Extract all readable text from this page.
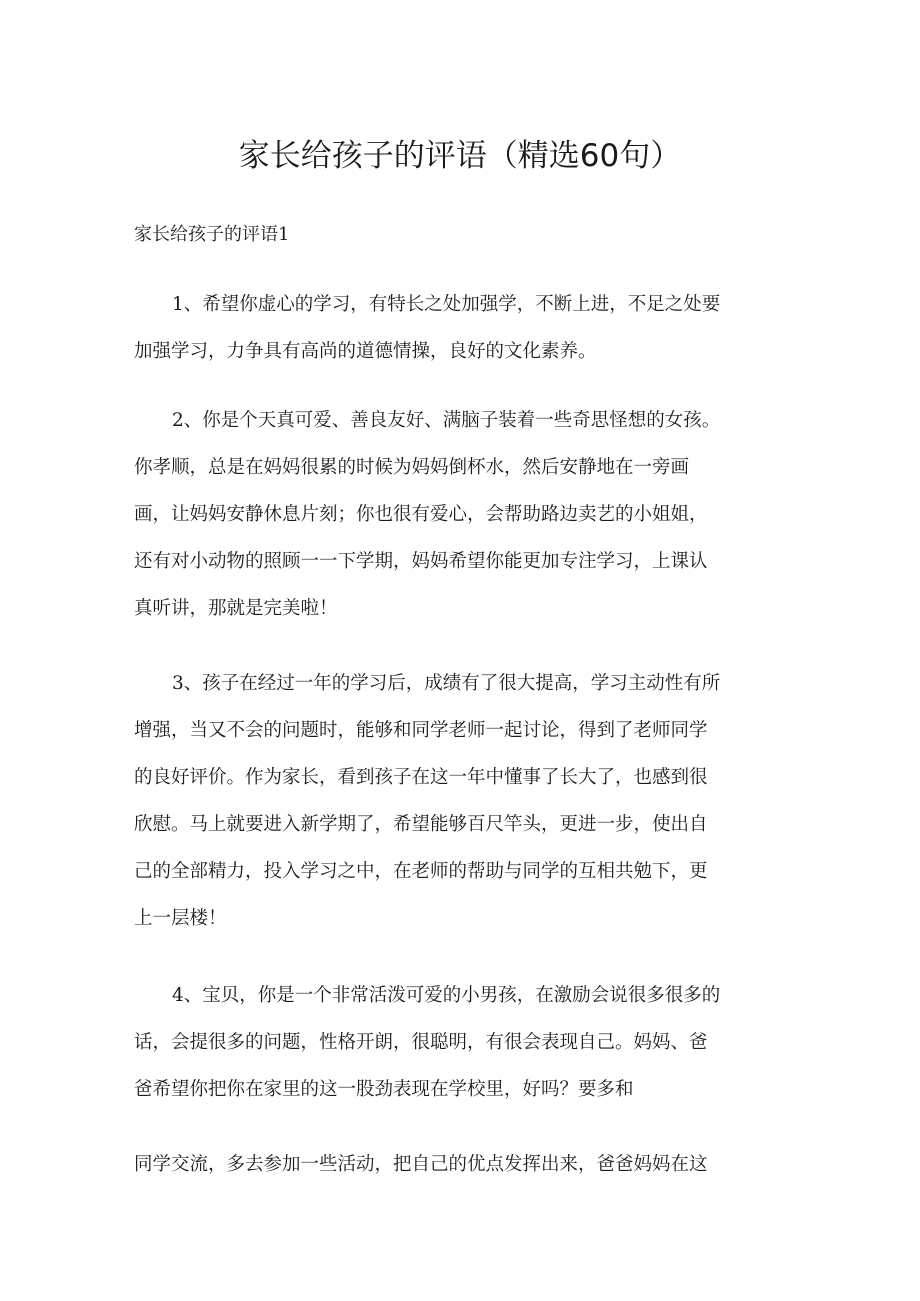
家长给孩子的评语（精选60句）
家长给孩子的评语1
1、希望你虚心的学习，有特长之处加强学，不断上进，不足之处要
加强学习，力争具有高尚的道德情操，良好的文化素养。
2、你是个天真可爱、善良友好、满脑子装着一些奇思怪想的女孩。
你孝顺，总是在妈妈很累的时候为妈妈倒杯水，然后安静地在一旁画
画，让妈妈安静休息片刻；你也很有爱心，会帮助路边卖艺的小姐姐，
还有对小动物的照顾一一下学期，妈妈希望你能更加专注学习，上课认
真听讲，那就是完美啦！
3、孩子在经过一年的学习后，成绩有了很大提高，学习主动性有所
增强，当又不会的问题时，能够和同学老师一起讨论，得到了老师同学
的良好评价。作为家长，看到孩子在这一年中懂事了长大了，也感到很
欣慰。马上就要进入新学期了，希望能够百尺竿头，更进一步，使出自
己的全部精力，投入学习之中，在老师的帮助与同学的互相共勉下，更
上一层楼！
4、宝贝，你是一个非常活泼可爱的小男孩，在激励会说很多很多的
话，会提很多的问题，性格开朗，很聪明，有很会表现自己。妈妈、爸
爸希望你把你在家里的这一股劲表现在学校里，好吗？要多和

同学交流，多去参加一些活动，把自己的优点发挥出来，爸爸妈妈在这
